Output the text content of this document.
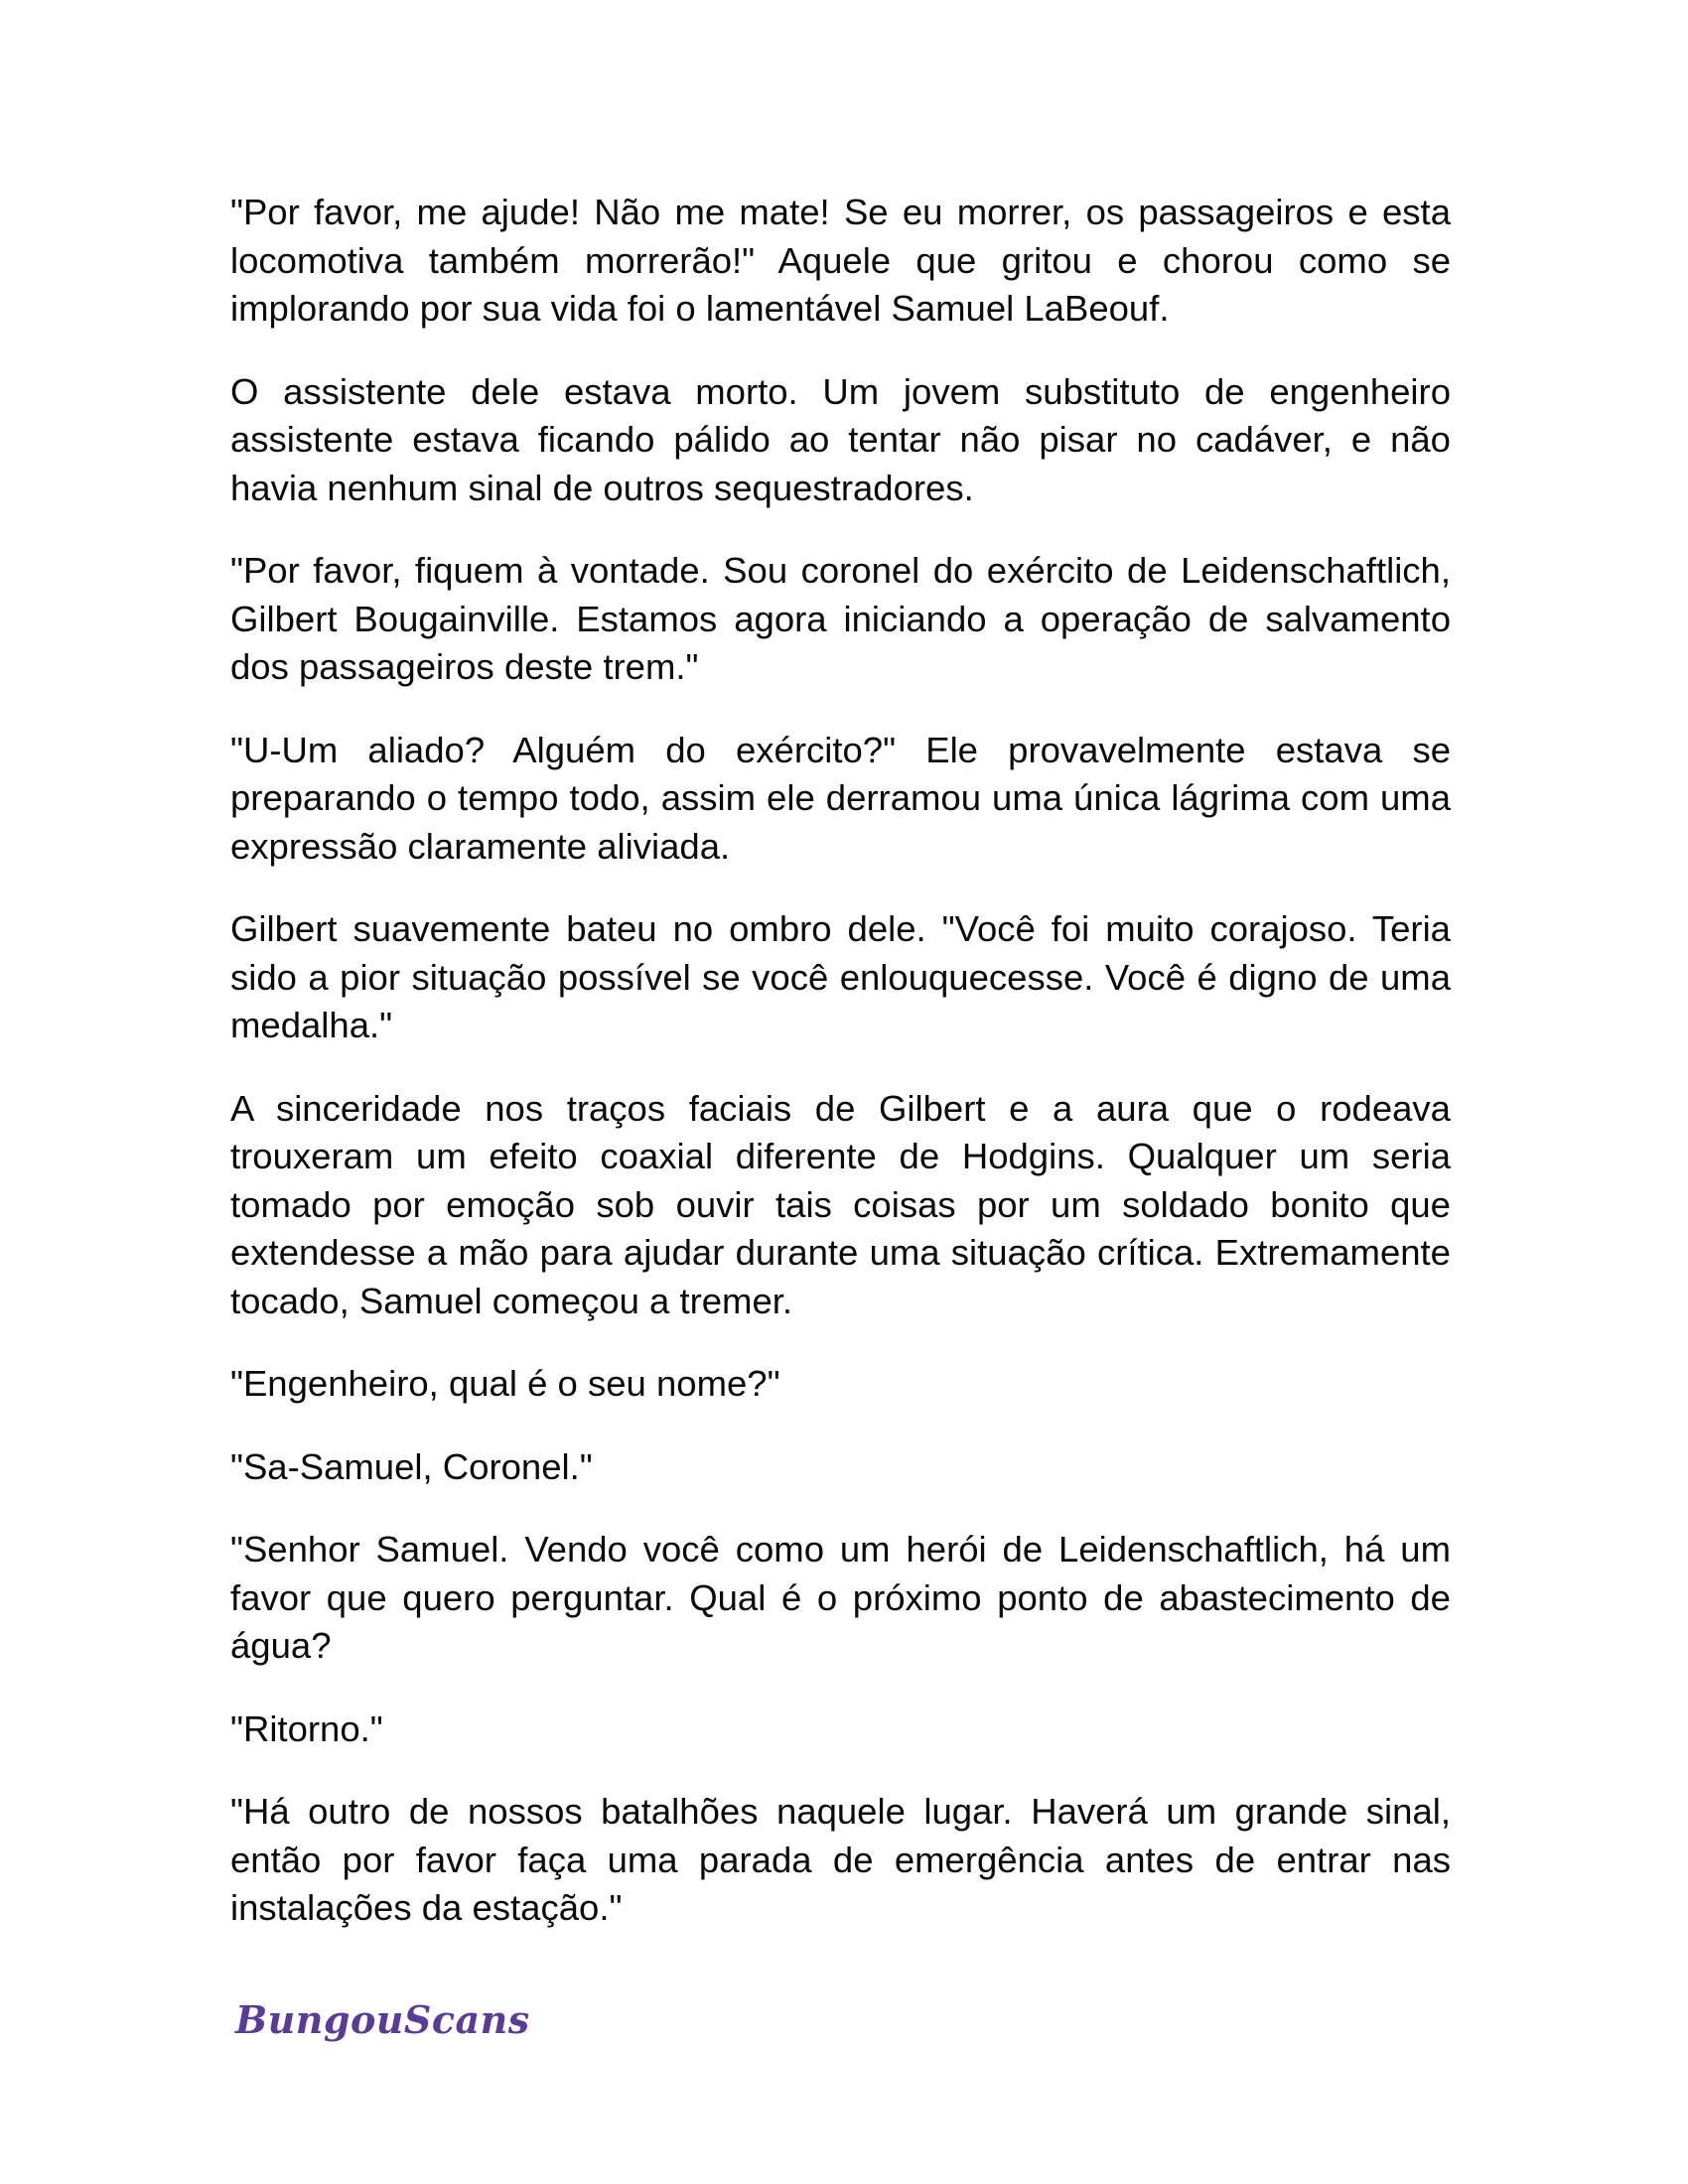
"Por favor, me ajude! Não me mate! Se eu morrer, os passageiros e esta locomotiva também morrerão!" Aquele que gritou e chorou como se implorando por sua vida foi o lamentável Samuel LaBeouf.

O assistente dele estava morto. Um jovem substituto de engenheiro assistente estava ficando pálido ao tentar não pisar no cadáver, e não havia nenhum sinal de outros sequestradores.

"Por favor, fiquem à vontade. Sou coronel do exército de Leidenschaftlich, Gilbert Bougainville. Estamos agora iniciando a operação de salvamento dos passageiros deste trem."

"U-Um aliado? Alguém do exército?" Ele provavelmente estava se preparando o tempo todo, assim ele derramou uma única lágrima com uma expressão claramente aliviada.

Gilbert suavemente bateu no ombro dele. "Você foi muito corajoso. Teria sido a pior situação possível se você enlouquecesse. Você é digno de uma medalha."

A sinceridade nos traços faciais de Gilbert e a aura que o rodeava trouxeram um efeito coaxial diferente de Hodgins. Qualquer um seria tomado por emoção sob ouvir tais coisas por um soldado bonito que extendesse a mão para ajudar durante uma situação crítica. Extremamente tocado, Samuel começou a tremer.

"Engenheiro, qual é o seu nome?"

"Sa-Samuel, Coronel."

"Senhor Samuel. Vendo você como um herói de Leidenschaftlich, há um favor que quero perguntar. Qual é o próximo ponto de abastecimento de água?

"Ritorno."

"Há outro de nossos batalhões naquele lugar. Haverá um grande sinal, então por favor faça uma parada de emergência antes de entrar nas instalações da estação."

BungouScans
